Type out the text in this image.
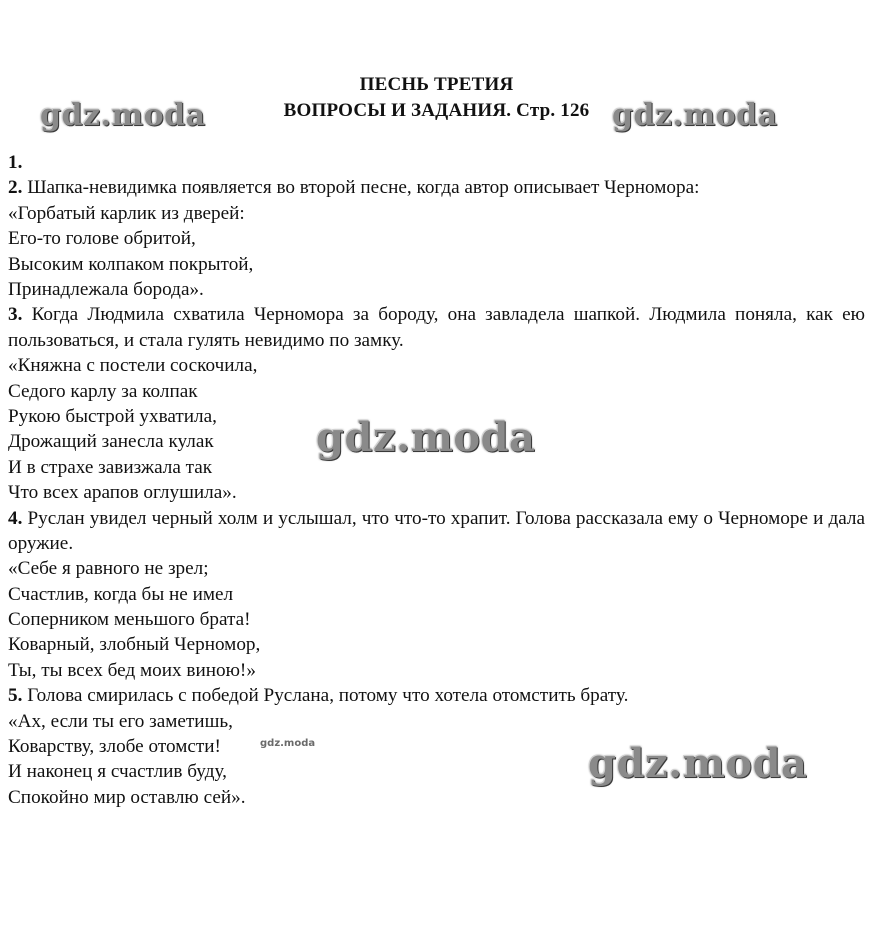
ПЕСНЬ ТРЕТИЯ
ВОПРОСЫ И ЗАДАНИЯ. Стр. 126
1.
2. Шапка-невидимка появляется во второй песне, когда автор описывает Черномора:
«Горбатый карлик из дверей:
Его-то голове обритой,
Высоким колпаком покрытой,
Принадлежала борода».
3. Когда Людмила схватила Черномора за бороду, она завладела шапкой. Людмила поняла, как ею пользоваться, и стала гулять невидимо по замку.
«Княжна с постели соскочила,
Седого карлу за колпак
Рукою быстрой ухватила,
Дрожащий занесла кулак
И в страхе завизжала так
Что всех арапов оглушила».
4. Руслан увидел черный холм и услышал, что что-то храпит. Голова рассказала ему о Черноморе и дала оружие.
«Себе я равного не зрел;
Счастлив, когда бы не имел
Соперником меньшого брата!
Коварный, злобный Черномор,
Ты, ты всех бед моих виною!»
5. Голова смирилась с победой Руслана, потому что хотела отомстить брату.
«Ах, если ты его заметишь,
Коварству, злобе отомсти!
И наконец я счастлив буду,
Спокойно мир оставлю сей».
gdz.moda	gdz.moda
gdz.moda
gdz.moda
gdz.moda
